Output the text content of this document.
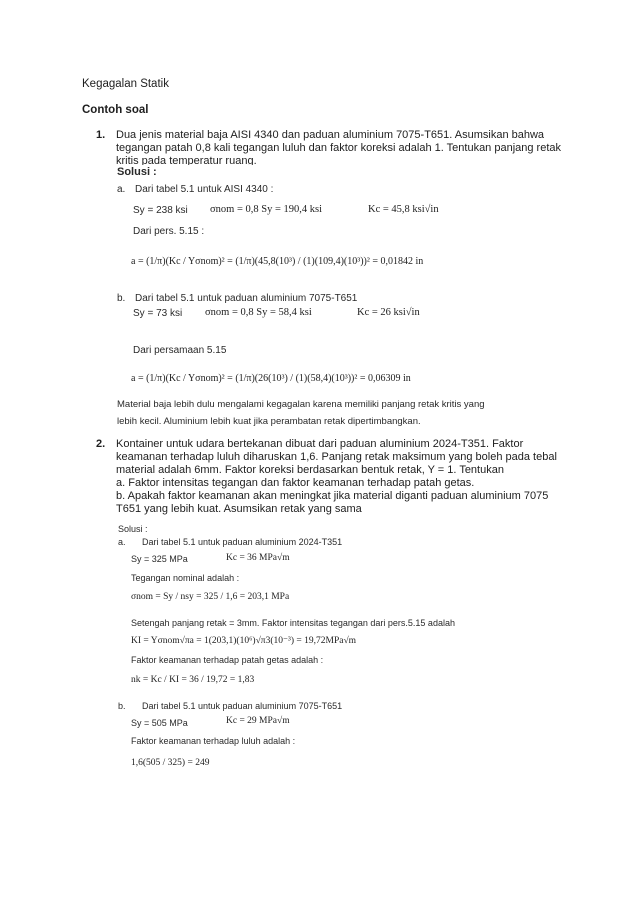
Kegagalan Statik
Contoh soal
1. Dua jenis material baja AISI 4340 dan paduan aluminium 7075-T651. Asumsikan bahwa
tegangan patah 0,8 kali tegangan luluh dan faktor koreksi adalah 1. Tentukan panjang retak
kritis pada temperatur ruang.
Solusi :
a. Dari tabel 5.1 untuk AISI 4340 :
Sy = 238 ksi σnom = 0,8 Sy = 190,4 ksi	Kc = 45,8 ksi√in
Dari pers. 5.15 :
a = (1/π)(Kc / Yσnom)² = (1/π)(45,8(10³) / (1)(109,4)(10³))² = 0,01842 in
b. Dari tabel 5.1 untuk paduan aluminium 7075-T651
Sy = 73 ksi σnom = 0,8 Sy = 58,4 ksi	Kc = 26 ksi√in
Dari persamaan 5.15
a = (1/π)(Kc / Yσnom)² = (1/π)(26(10³) / (1)(58,4)(10³))² = 0,06309 in
Material baja lebih dulu mengalami kegagalan karena memiliki panjang retak kritis yang
lebih kecil. Aluminium lebih kuat jika perambatan retak dipertimbangkan.
2. Kontainer untuk udara bertekanan dibuat dari paduan aluminium 2024-T351. Faktor
keamanan terhadap luluh diharuskan 1,6. Panjang retak maksimum yang boleh pada tebal
material adalah 6mm. Faktor koreksi berdasarkan bentuk retak, Y = 1. Tentukan
a. Faktor intensitas tegangan dan faktor keamanan terhadap patah getas.
b. Apakah faktor keamanan akan meningkat jika material diganti paduan aluminium 7075
T651 yang lebih kuat. Asumsikan retak yang sama
Solusi :
a. Dari tabel 5.1 untuk paduan aluminium 2024-T351
Sy = 325 MPa	Kc = 36 MPa√m
Tegangan nominal adalah :
σnom = Sy / nsy = 325 / 1,6 = 203,1 MPa
Setengah panjang retak = 3mm. Faktor intensitas tegangan dari pers.5.15 adalah
KI = Yσnom√πa = 1(203,1)(10⁶)√π3(10⁻³) = 19,72MPa√m
Faktor keamanan terhadap patah getas adalah :
nk = Kc / KI = 36 / 19,72 = 1,83
b. Dari tabel 5.1 untuk paduan aluminium 7075-T651
Sy = 505 MPa	Kc = 29 MPa√m
Faktor keamanan terhadap luluh adalah :
1,6(505 / 325) = 249
